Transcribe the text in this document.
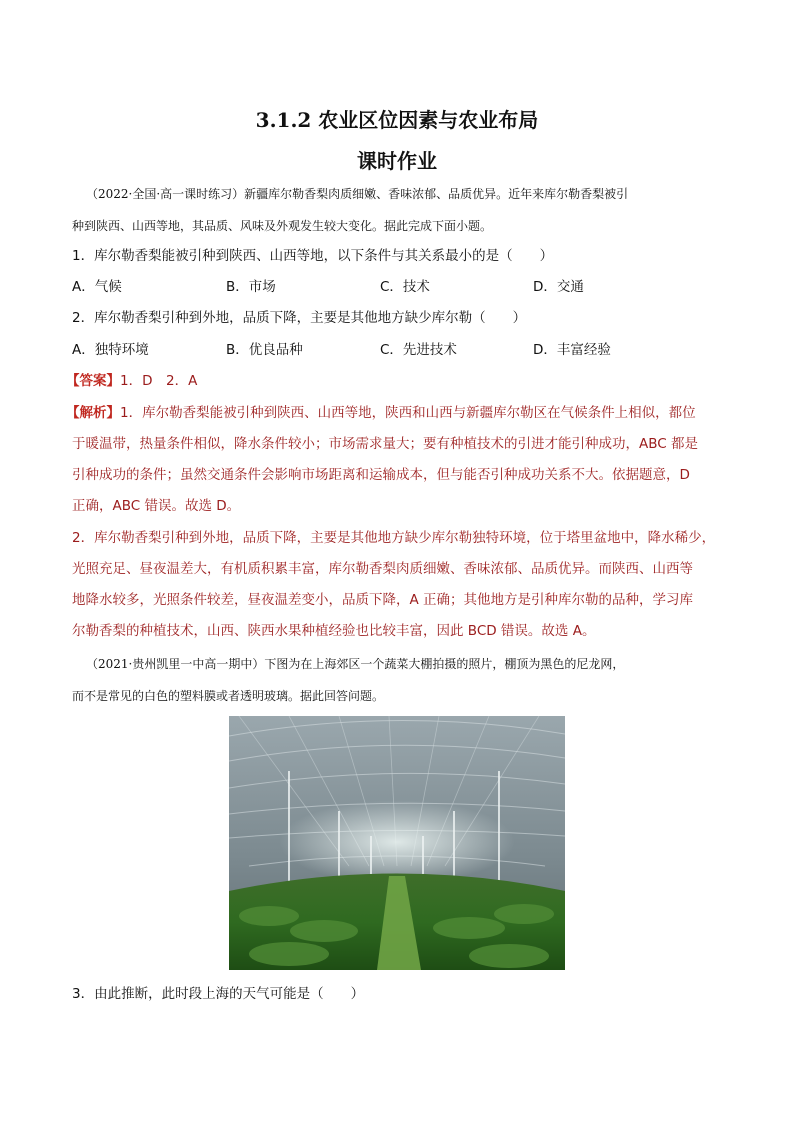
3.1.2 农业区位因素与农业布局
课时作业
（2022·全国·高一课时练习）新疆库尔勒香梨肉质细嫩、香味浓郁、品质优异。近年来库尔勒香梨被引
种到陕西、山西等地，其品质、风味及外观发生较大变化。据此完成下面小题。
1．库尔勒香梨能被引种到陕西、山西等地，以下条件与其关系最小的是（　　）
A．气候	B．市场	C．技术	D．交通
2．库尔勒香梨引种到外地，品质下降，主要是其他地方缺少库尔勒（　　）
A．独特环境	B．优良品种	C．先进技术	D．丰富经验
【答案】1．D　2．A
【解析】1．库尔勒香梨能被引种到陕西、山西等地，陕西和山西与新疆库尔勒区在气候条件上相似，都位
于暖温带，热量条件相似，降水条件较小；市场需求量大；要有种植技术的引进才能引种成功，ABC 都是
引种成功的条件；虽然交通条件会影响市场距离和运输成本，但与能否引种成功关系不大。依据题意，D
正确，ABC 错误。故选 D。
2．库尔勒香梨引种到外地，品质下降，主要是其他地方缺少库尔勒独特环境，位于塔里盆地中，降水稀少，
光照充足、昼夜温差大，有机质积累丰富，库尔勒香梨肉质细嫩、香味浓郁、品质优异。而陕西、山西等
地降水较多，光照条件较差，昼夜温差变小，品质下降，A 正确；其他地方是引种库尔勒的品种，学习库
尔勒香梨的种植技术，山西、陕西水果种植经验也比较丰富，因此 BCD 错误。故选 A。
（2021·贵州凯里一中高一期中）下图为在上海郊区一个蔬菜大棚拍摄的照片，棚顶为黑色的尼龙网，
而不是常见的白色的塑料膜或者透明玻璃。据此回答问题。
3．由此推断，此时段上海的天气可能是（　　）
